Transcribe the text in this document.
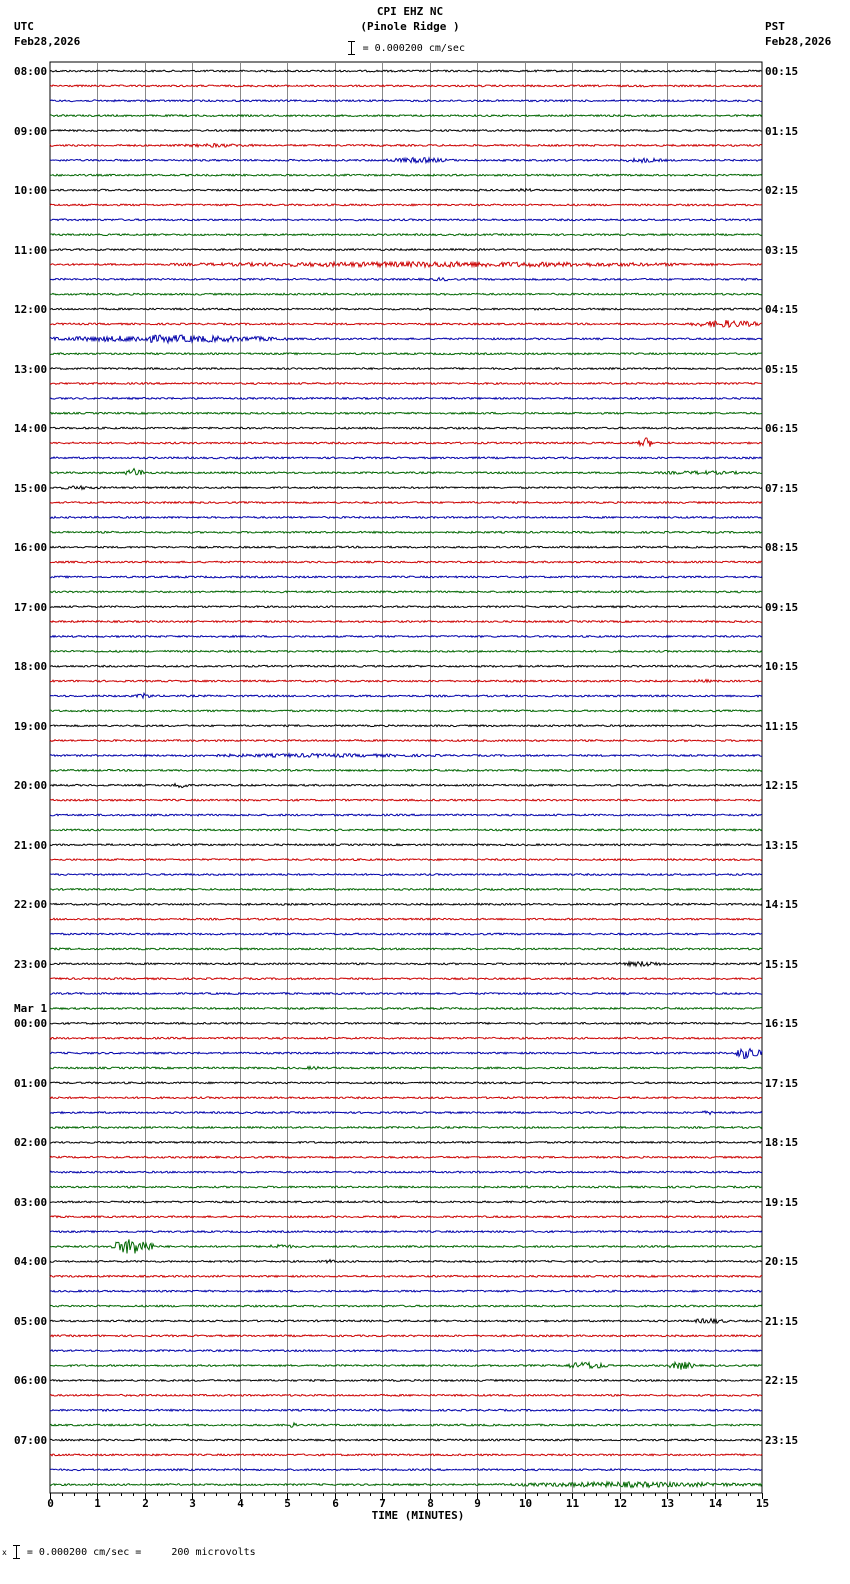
UTC
Feb28,2026
CPI EHZ NC
(Pinole Ridge )
= 0.000200 cm/sec
PST
Feb28,2026
TIME (MINUTES)
x = 0.000200 cm/sec =     200 microvolts
0	1	2	3	4	5	6	7	8	9	10	11	12	13	14	15
08:00
09:00
10:00
11:00
12:00
13:00
14:00
15:00
16:00
17:00
18:00
19:00
20:00
21:00
22:00
23:00
Mar 1
00:00
01:00
02:00
03:00
04:00
05:00
06:00
07:00
00:15
01:15
02:15
03:15
04:15
05:15
06:15
07:15
08:15
09:15
10:15
11:15
12:15
13:15
14:15
15:15
16:15
17:15
18:15
19:15
20:15
21:15
22:15
23:15
